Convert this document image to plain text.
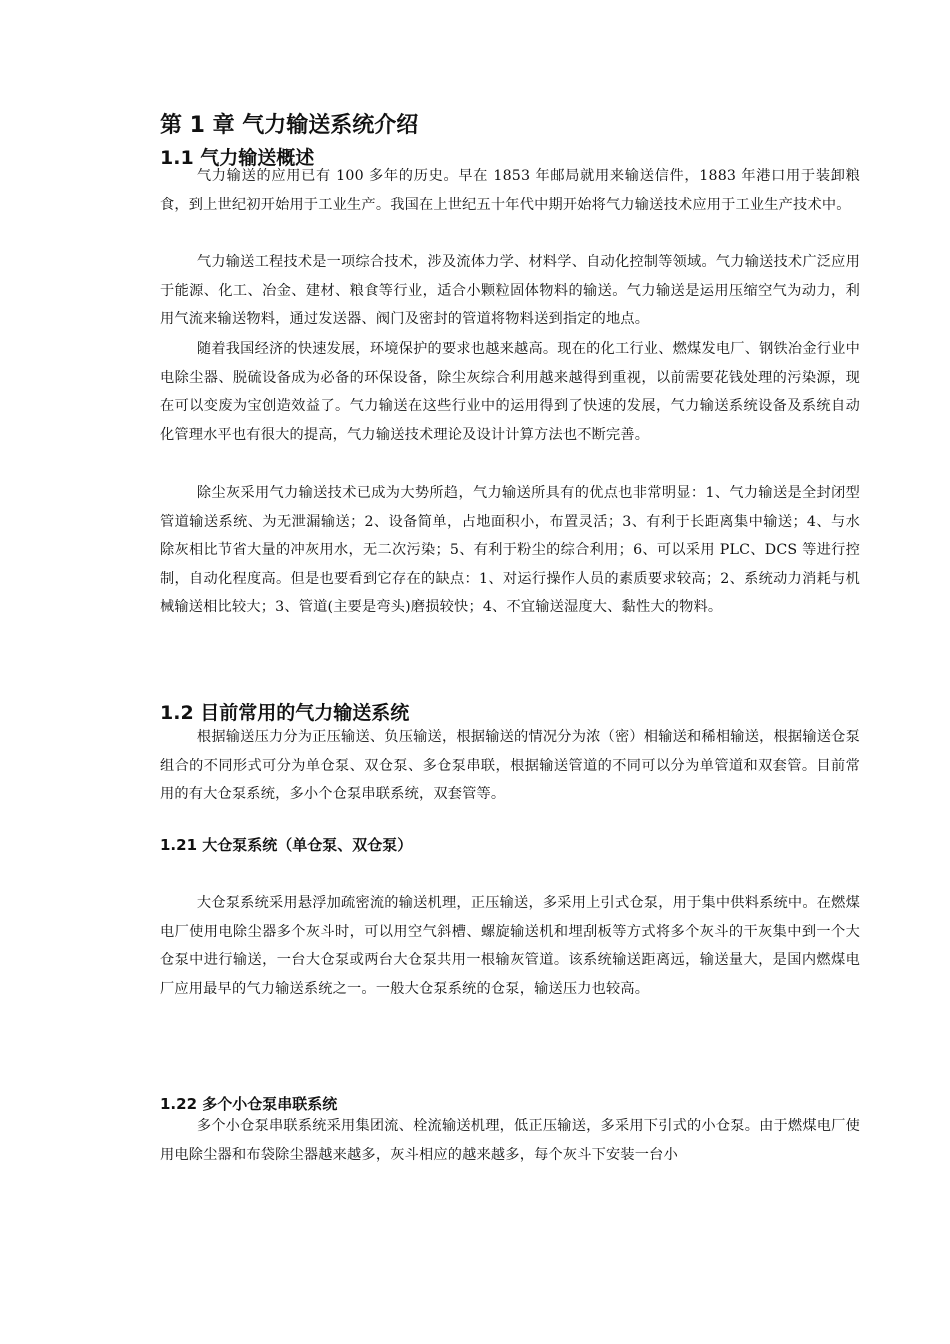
第 1 章 气力输送系统介绍
1.1 气力输送概述

气力输送的应用已有 100 多年的历史。早在 1853 年邮局就用来输送信件，1883 年港口用于装卸粮食，到上世纪初开始用于工业生产。我国在上世纪五十年代中期开始将气力输送技术应用于工业生产技术中。

气力输送工程技术是一项综合技术，涉及流体力学、材料学、自动化控制等领域。气力输送技术广泛应用于能源、化工、冶金、建材、粮食等行业，适合小颗粒固体物料的输送。气力输送是运用压缩空气为动力，利用气流来输送物料，通过发送器、阀门及密封的管道将物料送到指定的地点。

随着我国经济的快速发展，环境保护的要求也越来越高。现在的化工行业、燃煤发电厂、钢铁冶金行业中电除尘器、脱硫设备成为必备的环保设备，除尘灰综合利用越来越得到重视，以前需要花钱处理的污染源，现在可以变废为宝创造效益了。气力输送在这些行业中的运用得到了快速的发展，气力输送系统设备及系统自动化管理水平也有很大的提高，气力输送技术理论及设计计算方法也不断完善。

除尘灰采用气力输送技术已成为大势所趋，气力输送所具有的优点也非常明显：1、气力输送是全封闭型管道输送系统、为无泄漏输送；2、设备简单，占地面积小，布置灵活；3、有利于长距离集中输送；4、与水除灰相比节省大量的冲灰用水，无二次污染；5、有利于粉尘的综合利用；6、可以采用 PLC、DCS 等进行控制，自动化程度高。但是也要看到它存在的缺点：1、对运行操作人员的素质要求较高；2、系统动力消耗与机械输送相比较大；3、管道(主要是弯头)磨损较快；4、不宜输送湿度大、黏性大的物料。

1.2 目前常用的气力输送系统

根据输送压力分为正压输送、负压输送，根据输送的情况分为浓（密）相输送和稀相输送，根据输送仓泵组合的不同形式可分为单仓泵、双仓泵、多仓泵串联，根据输送管道的不同可以分为单管道和双套管。目前常用的有大仓泵系统，多小个仓泵串联系统，双套管等。

1.21 大仓泵系统（单仓泵、双仓泵）

大仓泵系统采用悬浮加疏密流的输送机理，正压输送，多采用上引式仓泵，用于集中供料系统中。在燃煤电厂使用电除尘器多个灰斗时，可以用空气斜槽、螺旋输送机和埋刮板等方式将多个灰斗的干灰集中到一个大仓泵中进行输送，一台大仓泵或两台大仓泵共用一根输灰管道。该系统输送距离远，输送量大，是国内燃煤电厂应用最早的气力输送系统之一。一般大仓泵系统的仓泵，输送压力也较高。

1.22 多个小仓泵串联系统

多个小仓泵串联系统采用集团流、栓流输送机理，低正压输送，多采用下引式的小仓泵。由于燃煤电厂使用电除尘器和布袋除尘器越来越多，灰斗相应的越来越多，每个灰斗下安装一台小
